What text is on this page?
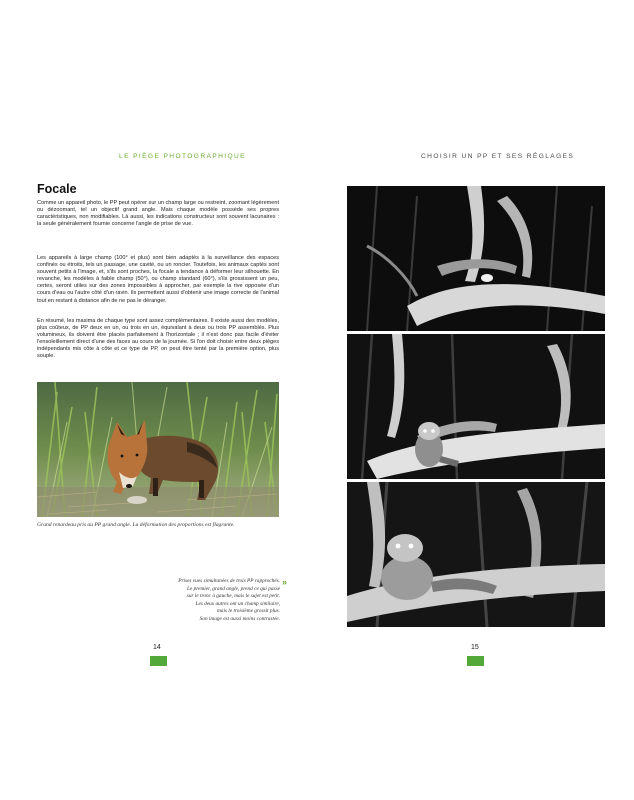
LE PIÈGE PHOTOGRAPHIQUE	CHOISIR UN PP ET SES RÉGLAGES
Focale

Comme un appareil photo, le PP peut opérer sur un champ large ou restreint, zoomant légèrement ou dézoomant, tel un objectif grand angle. Mais chaque modèle possède ses propres caractéristiques, non modifiables. Là aussi, les indications constructeur sont souvent lacunaires : la seule généralement fournie concerne l'angle de prise de vue.

Les appareils à large champ (100° et plus) sont bien adaptés à la surveillance des espaces confinés ou étroits, tels un passage, une cavité, ou un roncier. Toutefois, les animaux captés sont souvent petits à l'image, et, s'ils sont proches, la focale a tendance à déformer leur silhouette. En revanche, les modèles à faible champ (50°), ou champ standard (60°), s'ils grossissent un peu, certes, seront utiles sur des zones impossibles à approcher, par exemple la rive opposée d'un cours d'eau ou l'autre côté d'un ravin. Ils permettent aussi d'obtenir une image correcte de l'animal tout en restant à distance afin de ne pas le déranger.

En résumé, les maxima de chaque type sont assez complémentaires. Il existe aussi des modèles, plus coûteux, de PP deux en un, ou trois en un, équivalant à deux ou trois PP assemblés. Plus volumineux, ils doivent être placés parfaitement à l'horizontale ; il n'est donc pas facile d'éviter l'ensoleillement direct d'une des faces au cours de la journée. Si l'on doit choisir entre deux pièges indépendants mis côte à côte et ce type de PP, on peut être tenté par la première option, plus souple.

Grand renardeau pris au PP grand angle. La déformation des proportions est flagrante.
Prises vues simultanées de trois PP rapprochés.
Le premier, grand angle, prend ce qui passe
sur le tronc à gauche, mais le sujet est petit.
Les deux autres ont un champ similaire,
mais le troisième grossit plus.
Son image est aussi moins contrastée.
»
14	15
